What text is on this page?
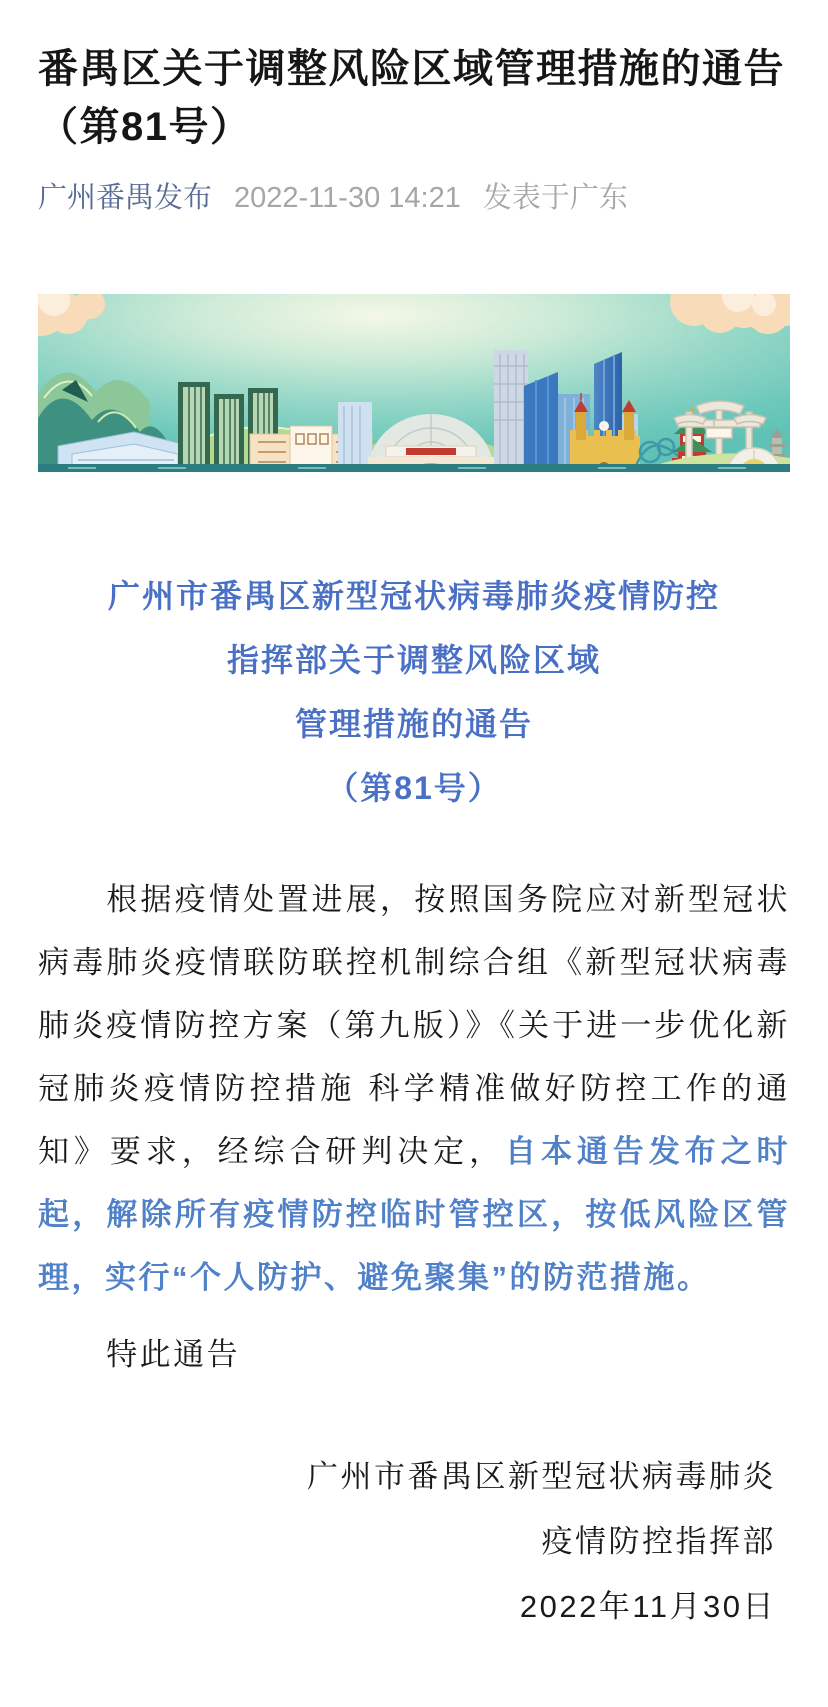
番禺区关于调整风险区域管理措施的通告（第81号）
广州番禺发布 2022-11-30 14:21 发表于广东
广州市番禺区新型冠状病毒肺炎疫情防控
指挥部关于调整风险区域
管理措施的通告
（第81号）

根据疫情处置进展，按照国务院应对新型冠状病毒肺炎疫情联防联控机制综合组《新型冠状病毒肺炎疫情防控方案（第九版）》《关于进一步优化新冠肺炎疫情防控措施 科学精准做好防控工作的通知》要求，经综合研判决定，自本通告发布之时起，解除所有疫情防控临时管控区，按低风险区管理，实行“个人防护、避免聚集”的防范措施。

特此通告

广州市番禺区新型冠状病毒肺炎
疫情防控指挥部
2022年11月30日
